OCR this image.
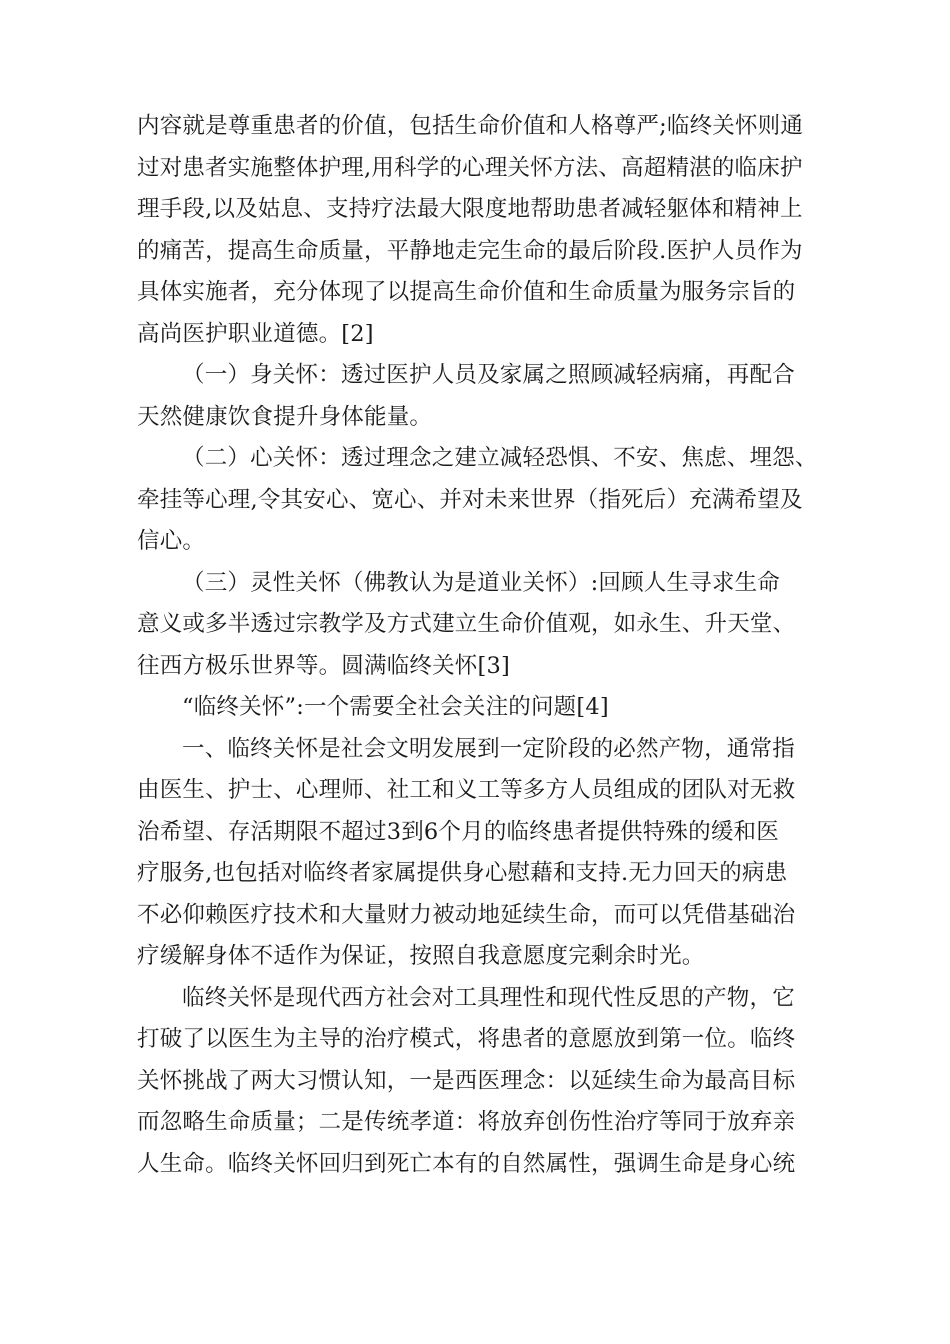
内容就是尊重患者的价值，包括生命价值和人格尊严;临终关怀则通
过对患者实施整体护理,用科学的心理关怀方法、高超精湛的临床护
理手段,以及姑息、支持疗法最大限度地帮助患者减轻躯体和精神上
的痛苦，提高生命质量，平静地走完生命的最后阶段.医护人员作为
具体实施者，充分体现了以提高生命价值和生命质量为服务宗旨的
高尚医护职业道德。[2]
（一）身关怀：透过医护人员及家属之照顾减轻病痛，再配合
天然健康饮食提升身体能量。
（二）心关怀：透过理念之建立减轻恐惧、不安、焦虑、埋怨、
牵挂等心理,令其安心、宽心、并对未来世界（指死后）充满希望及
信心。
（三）灵性关怀（佛教认为是道业关怀）:回顾人生寻求生命
意义或多半透过宗教学及方式建立生命价值观，如永生、升天堂、
往西方极乐世界等。圆满临终关怀[3]
“临终关怀”:一个需要全社会关注的问题[4]
一、临终关怀是社会文明发展到一定阶段的必然产物，通常指
由医生、护士、心理师、社工和义工等多方人员组成的团队对无救
治希望、存活期限不超过3到6个月的临终患者提供特殊的缓和医
疗服务,也包括对临终者家属提供身心慰藉和支持.无力回天的病患
不必仰赖医疗技术和大量财力被动地延续生命，而可以凭借基础治
疗缓解身体不适作为保证，按照自我意愿度完剩余时光。
临终关怀是现代西方社会对工具理性和现代性反思的产物，它
打破了以医生为主导的治疗模式，将患者的意愿放到第一位。临终
关怀挑战了两大习惯认知，一是西医理念：以延续生命为最高目标
而忽略生命质量；二是传统孝道：将放弃创伤性治疗等同于放弃亲
人生命。临终关怀回归到死亡本有的自然属性，强调生命是身心统
